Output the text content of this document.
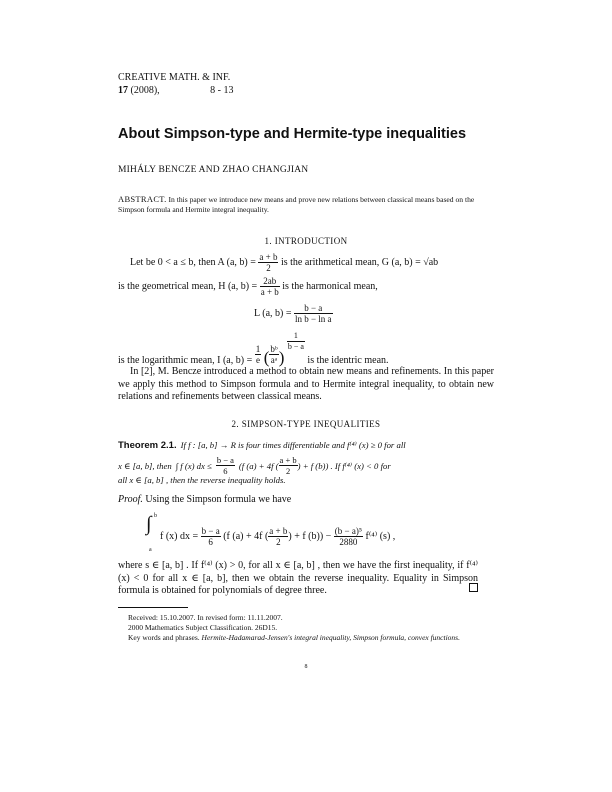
CREATIVE MATH. & INF.
17 (2008),	8 - 13
About Simpson-type and Hermite-type inequalities
MIHÁLY BENCZE AND ZHAO CHANGJIAN
ABSTRACT. In this paper we introduce new means and prove new relations between classical means based on the Simpson formula and Hermite integral inequality.
1. INTRODUCTION
Let be 0 < a ≤ b, then A (a, $b) = \frac{a + b}{2}$ is the arithmetical mean, G (a, b) = √ab
is the geometrical mean, H (a, $b) = \frac{2ab}{a + b}$ is the harmonical mean,
L (a, $b) = \frac{b - a}{\text{ln b − ln a}}$
is the logarithmic mean, I (a, $b) = \frac{1}{e}$ ( $\frac{\text{bᵇ}}{\text{aᵃ}}$ )
$\frac{1}{b - a}$
is the identric mean.
In [2], M. Bencze introduced a method to obtain new means and refinements. In this paper we apply this method to Simpson formula and to Hermite integral inequality, to obtain new relations and refinements between classical means.
2. SIMPSON-TYPE INEQUALITIES
Theorem 2.1. If f : [a, b] → R is four times differentiable and f⁽⁴⁾ (x) ≥ 0 for all
x ∈ [a, b], then ∫ f (x) dx ≤ $\frac{b - a}{6} (f$ (a) + 4f ( $\frac{a + b}{2}$ ) + f (b)) . If f⁽⁴⁾ (x) < 0 for
all x ∈ [a, b] , then the reverse inequality holds.
Proof. Using the Simpson formula we have
b
∫
a
f (x) dx = $\frac{b - a}{6} (f$ (a) + 4f ( $\frac{a + b}{2}$ ) + f $(b)) - \frac{\text{(b − a)⁵}}{2880} f^{(4)}$ (s) ,
where s ∈ [a, b] . If f⁽⁴⁾ (x) > 0, for all x ∈ [a, b] , then we have the first inequality, if f⁽⁴⁾ (x) < 0 for all x ∈ [a, b], then we obtain the reverse inequality. Equality in Simpson formula is obtained for polynomials of degree three.
Received: 15.10.2007. In revised form: 11.11.2007.
2000 Mathematics Subject Classification. 26D15.
Key words and phrases. Hermite-Hadamarad-Jensen's integral inequality, Simpson formula, convex functions.
8
